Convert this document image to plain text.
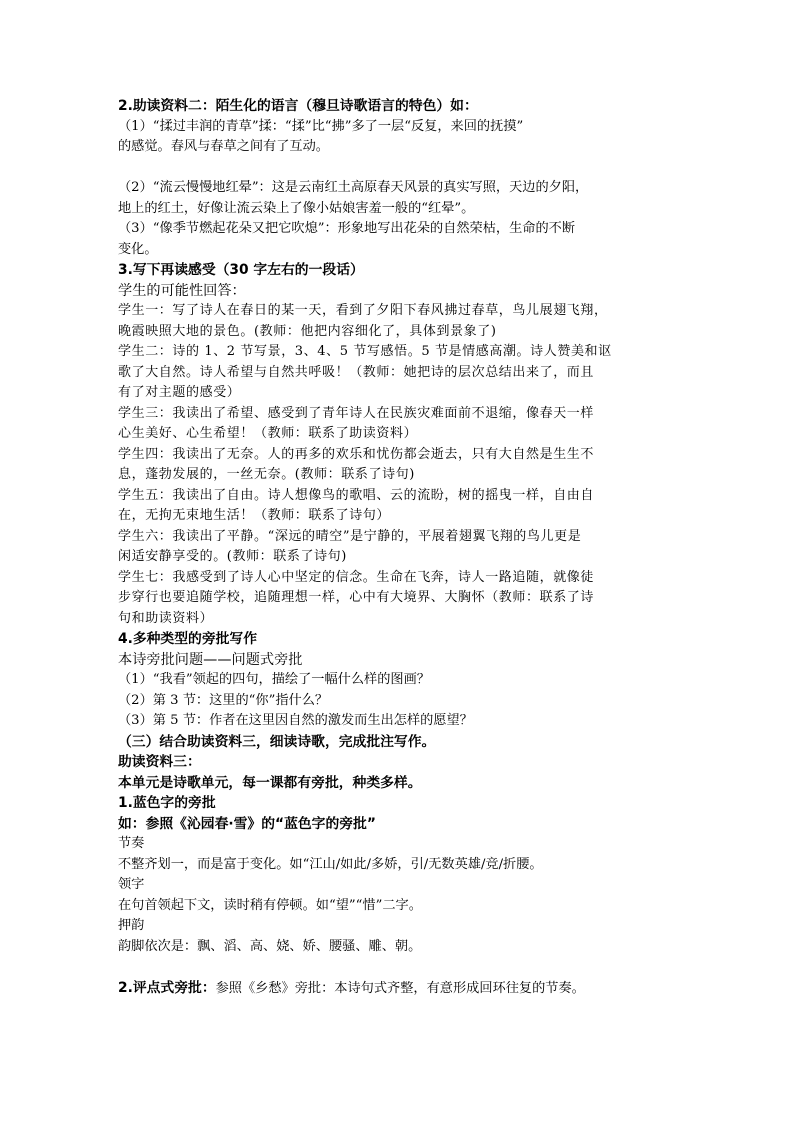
2.助读资料二：陌生化的语言（穆旦诗歌语言的特色）如：
（1）“揉过丰润的青草”揉：“揉”比“拂”多了一层“反复，来回的抚摸”
的感觉。春风与春草之间有了互动。
（2）“流云慢慢地红晕”：这是云南红土高原春天风景的真实写照，天边的夕阳，
地上的红土，好像让流云染上了像小姑娘害羞一般的“红晕”。
（3）“像季节燃起花朵又把它吹熄”：形象地写出花朵的自然荣枯，生命的不断
变化。
3.写下再读感受（30 字左右的一段话）
学生的可能性回答：
学生一：写了诗人在春日的某一天，看到了夕阳下春风拂过春草，鸟儿展翅飞翔，
晚霞映照大地的景色。(教师：他把内容细化了，具体到景象了)
学生二：诗的 1、2 节写景，3、4、5 节写感悟。5 节是情感高潮。诗人赞美和讴
歌了大自然。诗人希望与自然共呼吸！（教师：她把诗的层次总结出来了，而且
有了对主题的感受）
学生三：我读出了希望、感受到了青年诗人在民族灾难面前不退缩，像春天一样
心生美好、心生希望！（教师：联系了助读资料）
学生四：我读出了无奈。人的再多的欢乐和忧伤都会逝去，只有大自然是生生不
息，蓬勃发展的，一丝无奈。(教师：联系了诗句)
学生五：我读出了自由。诗人想像鸟的歌唱、云的流盼，树的摇曳一样，自由自
在，无拘无束地生活！（教师：联系了诗句）
学生六：我读出了平静。“深远的晴空”是宁静的，平展着翅翼飞翔的鸟儿更是
闲适安静享受的。(教师：联系了诗句)
学生七：我感受到了诗人心中坚定的信念。生命在飞奔，诗人一路追随，就像徒
步穿行也要追随学校，追随理想一样，心中有大境界、大胸怀（教师：联系了诗
句和助读资料）
4.多种类型的旁批写作
本诗旁批问题——问题式旁批
（1）“我看”领起的四句，描绘了一幅什么样的图画？
（2）第 3 节：这里的“你”指什么？
（3）第 5 节：作者在这里因自然的激发而生出怎样的愿望？
（三）结合助读资料三，细读诗歌，完成批注写作。
助读资料三：
本单元是诗歌单元，每一课都有旁批，种类多样。
1.蓝色字的旁批
如：参照《沁园春·雪》的“蓝色字的旁批”
节奏
不整齐划一，而是富于变化。如“江山/如此/多娇，引/无数英雄/竞/折腰。
领字
在句首领起下文，读时稍有停顿。如“望”“惜”二字。
押韵
韵脚依次是：飘、滔、高、娆、娇、腰骚、雕、朝。
2.评点式旁批：参照《乡愁》旁批：本诗句式齐整，有意形成回环往复的节奏。
